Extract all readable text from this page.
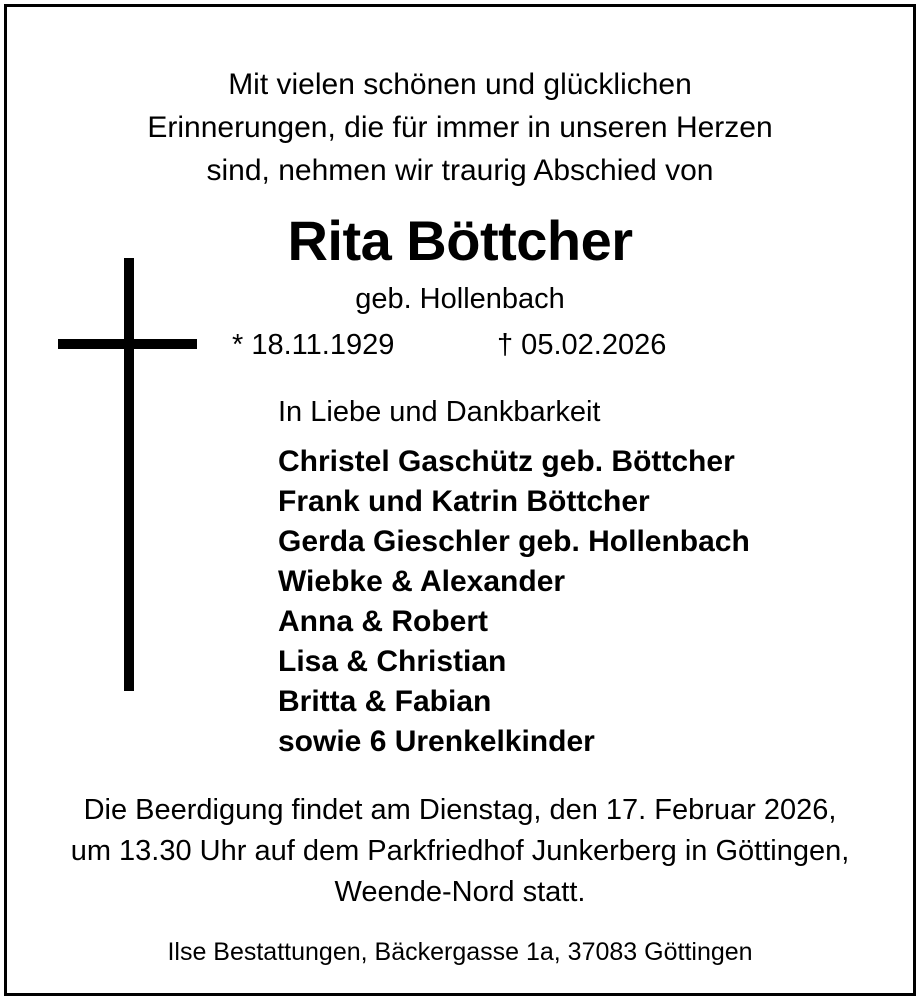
Mit vielen schönen und glücklichen
Erinnerungen, die für immer in unseren Herzen
sind, nehmen wir traurig Abschied von
Rita Böttcher
geb. Hollenbach
* 18.11.1929	† 05.02.2026
In Liebe und Dankbarkeit
Christel Gaschütz geb. Böttcher
Frank und Katrin Böttcher
Gerda Gieschler geb. Hollenbach
Wiebke & Alexander
Anna & Robert
Lisa & Christian
Britta & Fabian
sowie 6 Urenkelkinder
Die Beerdigung findet am Dienstag, den 17. Februar 2026,
um 13.30 Uhr auf dem Parkfriedhof Junkerberg in Göttingen,
Weende-Nord statt.
Ilse Bestattungen, Bäckergasse 1a, 37083 Göttingen
